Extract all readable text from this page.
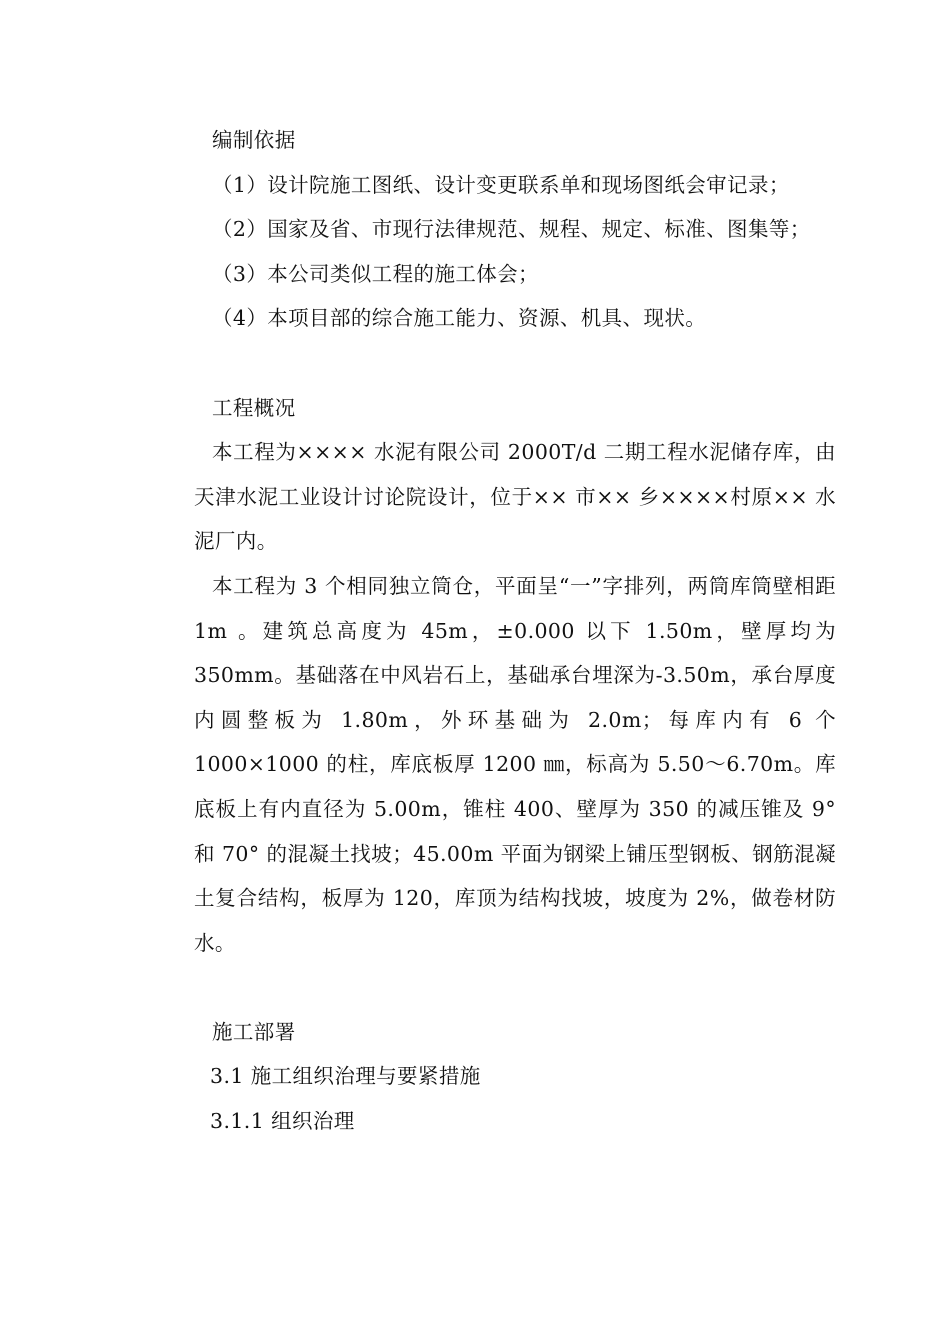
编制依据

（1）设计院施工图纸、设计变更联系单和现场图纸会审记录；

（2）国家及省、市现行法律规范、规程、规定、标准、图集等；

（3）本公司类似工程的施工体会；

（4）本项目部的综合施工能力、资源、机具、现状。

工程概况

本工程为×××× 水泥有限公司 2000T/d 二期工程水泥储存库，由天津水泥工业设计讨论院设计，位于×× 市×× 乡××××村原×× 水泥厂内。

本工程为 3 个相同独立筒仓，平面呈“一”字排列，两筒库筒壁相距 1m 。建筑总高度为 45m，±0.000 以下 1.50m，壁厚均为 350mm。基础落在中风岩石上，基础承台埋深为-3.50m，承台厚度内圆整板为 1.80m，外环基础为 2.0m；每库内有 6 个 1000×1000 的柱，库底板厚 1200 ㎜，标高为 5.50～6.70m。库底板上有内直径为 5.00m，锥柱 400、壁厚为 350 的减压锥及 9°和 70° 的混凝土找坡；45.00m 平面为钢梁上铺压型钢板、钢筋混凝土复合结构，板厚为 120，库顶为结构找坡，坡度为 2%，做卷材防水。

施工部署

3.1 施工组织治理与要紧措施

3.1.1 组织治理
